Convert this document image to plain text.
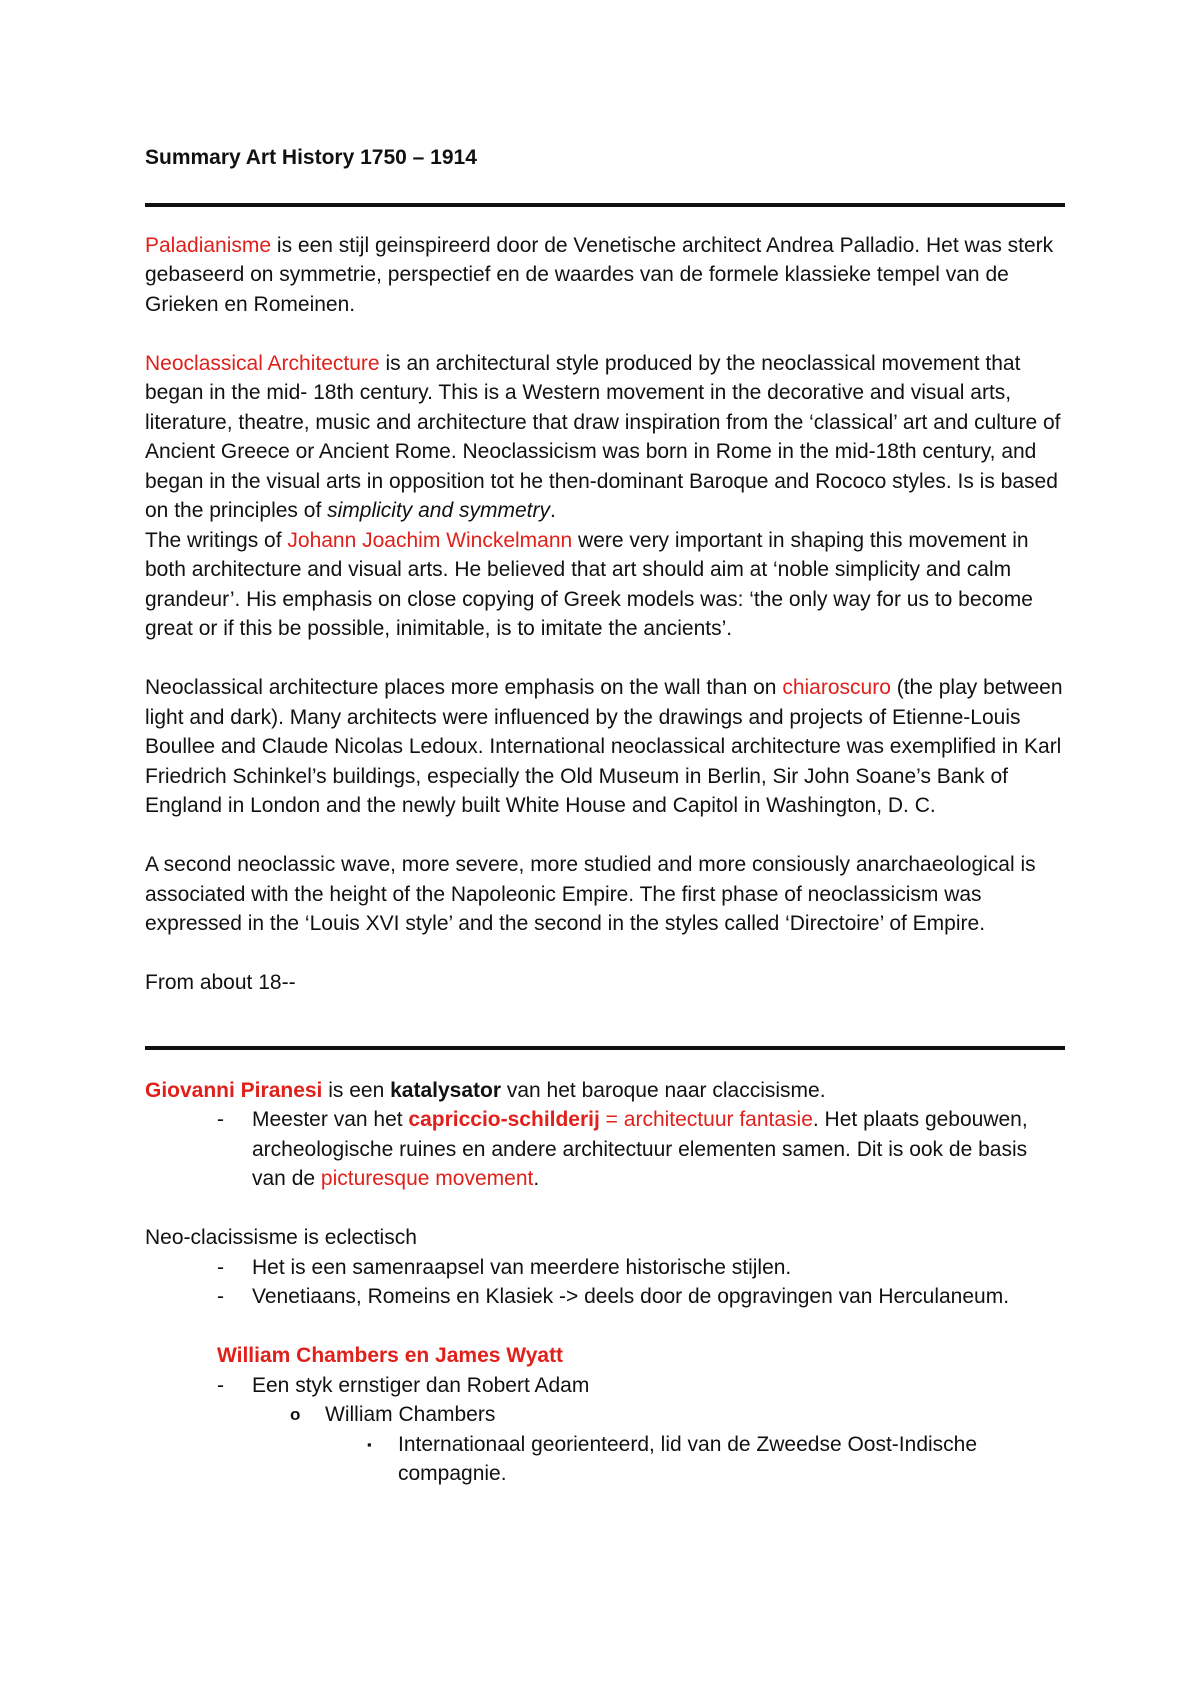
Summary Art History 1750 – 1914

Paladianisme is een stijl geinspireerd door de Venetische architect Andrea Palladio. Het was sterk gebaseerd on symmetrie, perspectief en de waardes van de formele klassieke tempel van de Grieken en Romeinen.

Neoclassical Architecture is an architectural style produced by the neoclassical movement that began in the mid- 18th century. This is a Western movement in the decorative and visual arts, literature, theatre, music and architecture that draw inspiration from the ‘classical’ art and culture of Ancient Greece or Ancient Rome. Neoclassicism was born in Rome in the mid-18th century, and began in the visual arts in opposition tot he then-dominant Baroque and Rococo styles. Is is based on the principles of simplicity and symmetry.

The writings of Johann Joachim Winckelmann were very important in shaping this movement in both architecture and visual arts. He believed that art should aim at ‘noble simplicity and calm grandeur’. His emphasis on close copying of Greek models was: ‘the only way for us to become great or if this be possible, inimitable, is to imitate the ancients’.

Neoclassical architecture places more emphasis on the wall than on chiaroscuro (the play between light and dark). Many architects were influenced by the drawings and projects of Etienne-Louis Boullee and Claude Nicolas Ledoux. International neoclassical architecture was exemplified in Karl Friedrich Schinkel’s buildings, especially the Old Museum in Berlin, Sir John Soane’s Bank of England in London and the newly built White House and Capitol in Washington, D. C.

A second neoclassic wave, more severe, more studied and more consiously anarchaeological is associated with the height of the Napoleonic Empire. The first phase of neoclassicism was expressed in the ‘Louis XVI style’ and the second in the styles called ‘Directoire’ of Empire.

From about 18--

Giovanni Piranesi is een katalysator van het baroque naar claccisisme.

- Meester van het capriccio-schilderij = architectuur fantasie. Het plaats gebouwen, archeologische ruines en andere architectuur elementen samen. Dit is ook de basis van de picturesque movement.

Neo-clacissisme is eclectisch

- Het is een samenraapsel van meerdere historische stijlen.
- Venetiaans, Romeins en Klasiek -> deels door de opgravingen van Herculaneum.

William Chambers en James Wyatt

- Een styk ernstiger dan Robert Adam
o William Chambers
▪ Internationaal georienteerd, lid van de Zweedse Oost-Indische compagnie.
